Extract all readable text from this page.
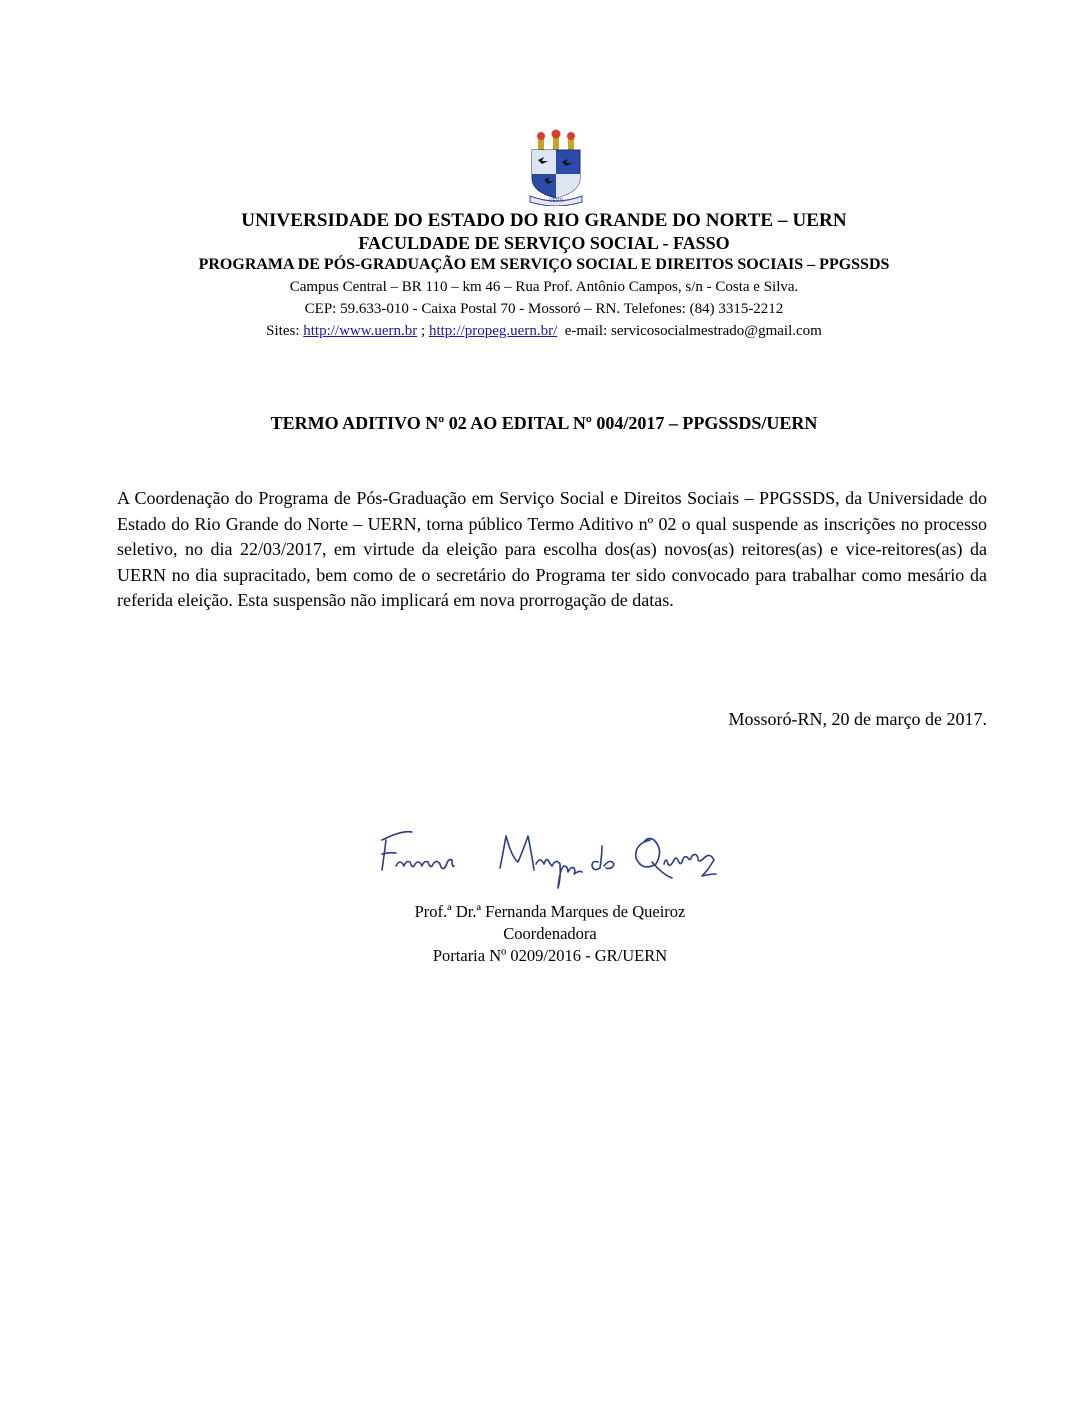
UERN
UNIVERSIDADE DO ESTADO DO RIO GRANDE DO NORTE – UERN
FACULDADE DE SERVIÇO SOCIAL - FASSO
PROGRAMA DE PÓS-GRADUAÇÃO EM SERVIÇO SOCIAL E DIREITOS SOCIAIS – PPGSSDS
Campus Central – BR 110 – km 46 – Rua Prof. Antônio Campos, s/n - Costa e Silva.
CEP: 59.633-010 - Caixa Postal 70 - Mossoró – RN. Telefones: (84) 3315-2212
Sites: http://www.uern.br ; http://propeg.uern.br/ e-mail: servicosocialmestrado@gmail.com
TERMO ADITIVO Nº 02 AO EDITAL Nº 004/2017 – PPGSSDS/UERN
A Coordenação do Programa de Pós-Graduação em Serviço Social e Direitos Sociais – PPGSSDS, da Universidade do Estado do Rio Grande do Norte – UERN, torna público Termo Aditivo nº 02 o qual suspende as inscrições no processo seletivo, no dia 22/03/2017, em virtude da eleição para escolha dos(as) novos(as) reitores(as) e vice-reitores(as) da UERN no dia supracitado, bem como de o secretário do Programa ter sido convocado para trabalhar como mesário da referida eleição. Esta suspensão não implicará em nova prorrogação de datas.
Mossoró-RN, 20 de março de 2017.
Prof.ª Dr.ª Fernanda Marques de Queiroz
Coordenadora
Portaria Nº 0209/2016 - GR/UERN
